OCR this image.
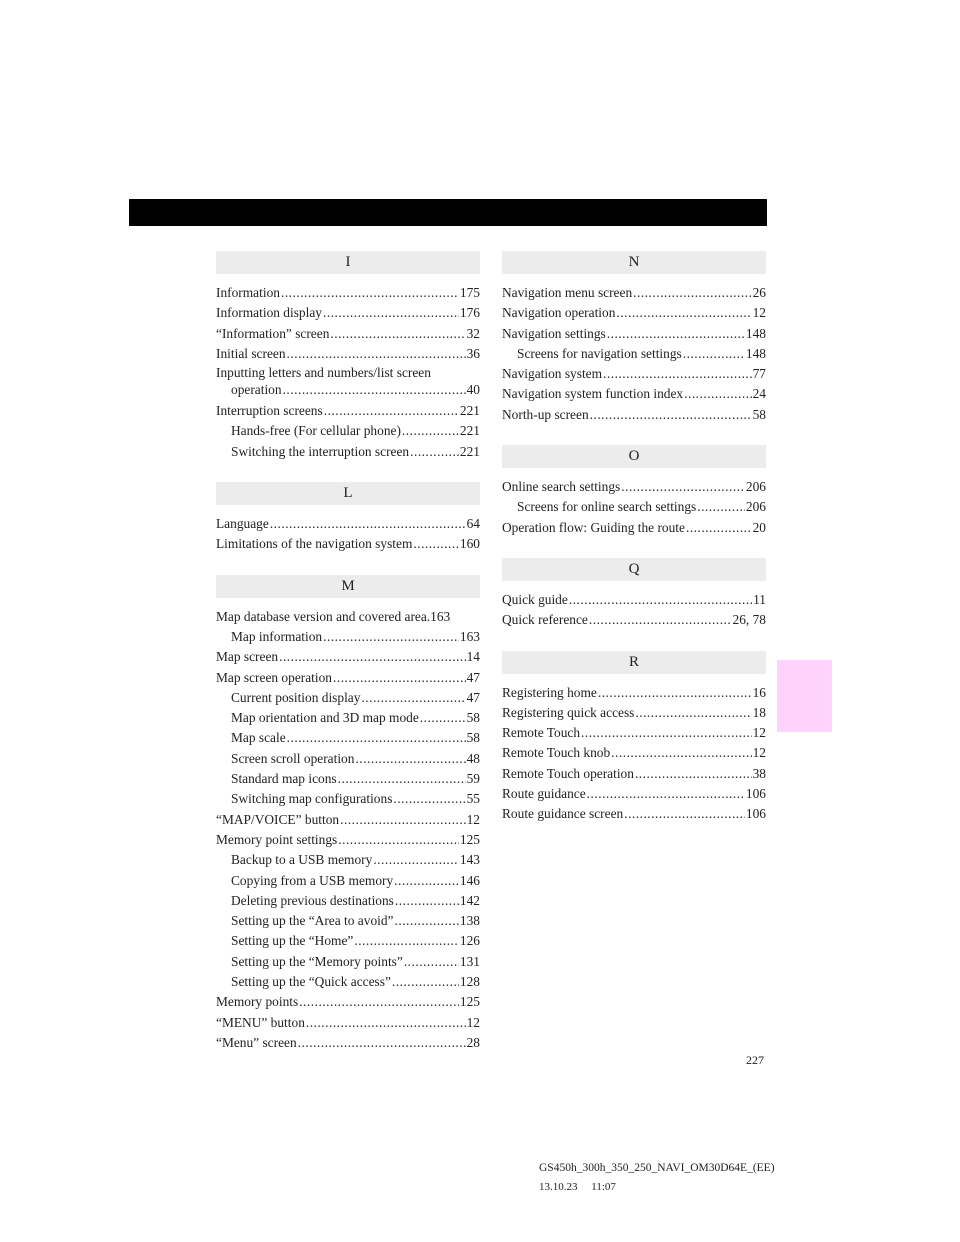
I
Information .....	175
Information display .....	176
“Information” screen .....	32
Initial screen .....	36
Inputting letters and numbers/list screen
operation .....	40
Interruption screens .....	221
Hands-free (For cellular phone) .....	221
Switching the interruption screen .....	221
L
Language .....	64
Limitations of the navigation system .....	160
M
Map database version and covered area. 163
Map information .....	163
Map screen .....	14
Map screen operation .....	47
Current position display .....	47
Map orientation and 3D map mode .....	58
Map scale .....	58
Screen scroll operation .....	48
Standard map icons .....	59
Switching map configurations .....	55
“MAP/VOICE” button .....	12
Memory point settings .....	125
Backup to a USB memory .....	143
Copying from a USB memory .....	146
Deleting previous destinations .....	142
Setting up the “Area to avoid” .....	138
Setting up the “Home” .....	126
Setting up the “Memory points” .....	131
Setting up the “Quick access” .....	128
Memory points .....	125
“MENU” button .....	12
“Menu” screen .....	28
N
Navigation menu screen .....	26
Navigation operation .....	12
Navigation settings .....	148
Screens for navigation settings .....	148
Navigation system .....	77
Navigation system function index .....	24
North-up screen .....	58
O
Online search settings .....	206
Screens for online search settings .....	206
Operation flow: Guiding the route .....	20
Q
Quick guide .....	11
Quick reference .....	26, 78
R
Registering home .....	16
Registering quick access .....	18
Remote Touch .....	12
Remote Touch knob .....	12
Remote Touch operation .....	38
Route guidance .....	106
Route guidance screen .....	106
227
GS450h_300h_350_250_NAVI_OM30D64E_(EE)
13.10.23     11:07
